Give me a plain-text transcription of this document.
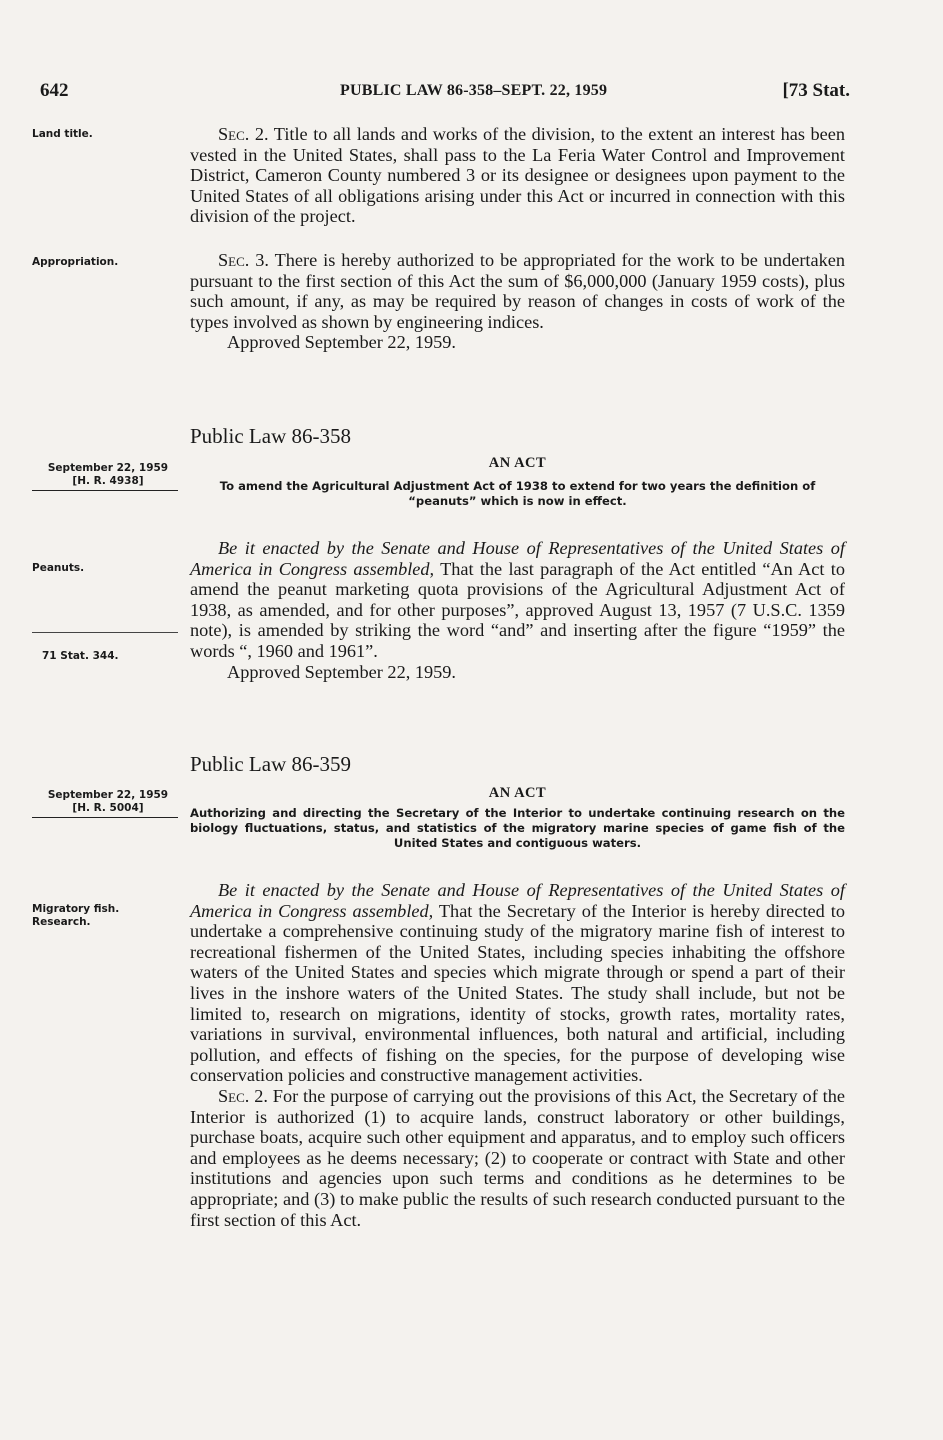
642	PUBLIC LAW 86-358–SEPT. 22, 1959	[73 Stat.
Land title.	Sec. 2. Title to all lands and works of the division, to the extent an interest has been vested in the United States, shall pass to the La Feria Water Control and Improvement District, Cameron County numbered 3 or its designee or designees upon payment to the United States of all obligations arising under this Act or incurred in connection with this division of the project.

Appropriation.	Sec. 3. There is hereby authorized to be appropriated for the work to be undertaken pursuant to the first section of this Act the sum of $6,000,000 (January 1959 costs), plus such amount, if any, as may be required by reason of changes in costs of work of the types involved as shown by engineering indices.

Approved September 22, 1959.

Public Law 86-358
September 22, 1959
[H. R. 4938]
AN ACT
To amend the Agricultural Adjustment Act of 1938 to extend for two years the definition of “peanuts” which is now in effect.
Peanuts.
71 Stat. 344.

Be it enacted by the Senate and House of Representatives of the United States of America in Congress assembled, That the last paragraph of the Act entitled “An Act to amend the peanut marketing quota provisions of the Agricultural Adjustment Act of 1938, as amended, and for other purposes”, approved August 13, 1957 (7 U.S.C. 1359 note), is amended by striking the word “and” and inserting after the figure “1959” the words “, 1960 and 1961”.

Approved September 22, 1959.

Public Law 86-359
September 22, 1959
[H. R. 5004]
AN ACT
Authorizing and directing the Secretary of the Interior to undertake continuing research on the biology fluctuations, status, and statistics of the migratory marine species of game fish of the United States and contiguous waters.
Migratory fish.
Research.

Be it enacted by the Senate and House of Representatives of the United States of America in Congress assembled, That the Secretary of the Interior is hereby directed to undertake a comprehensive continuing study of the migratory marine fish of interest to recreational fishermen of the United States, including species inhabiting the offshore waters of the United States and species which migrate through or spend a part of their lives in the inshore waters of the United States. The study shall include, but not be limited to, research on migrations, identity of stocks, growth rates, mortality rates, variations in survival, environmental influences, both natural and artificial, including pollution, and effects of fishing on the species, for the purpose of developing wise conservation policies and constructive management activities.

Sec. 2. For the purpose of carrying out the provisions of this Act, the Secretary of the Interior is authorized (1) to acquire lands, construct laboratory or other buildings, purchase boats, acquire such other equipment and apparatus, and to employ such officers and employees as he deems necessary; (2) to cooperate or contract with State and other institutions and agencies upon such terms and conditions as he determines to be appropriate; and (3) to make public the results of such research conducted pursuant to the first section of this Act.
